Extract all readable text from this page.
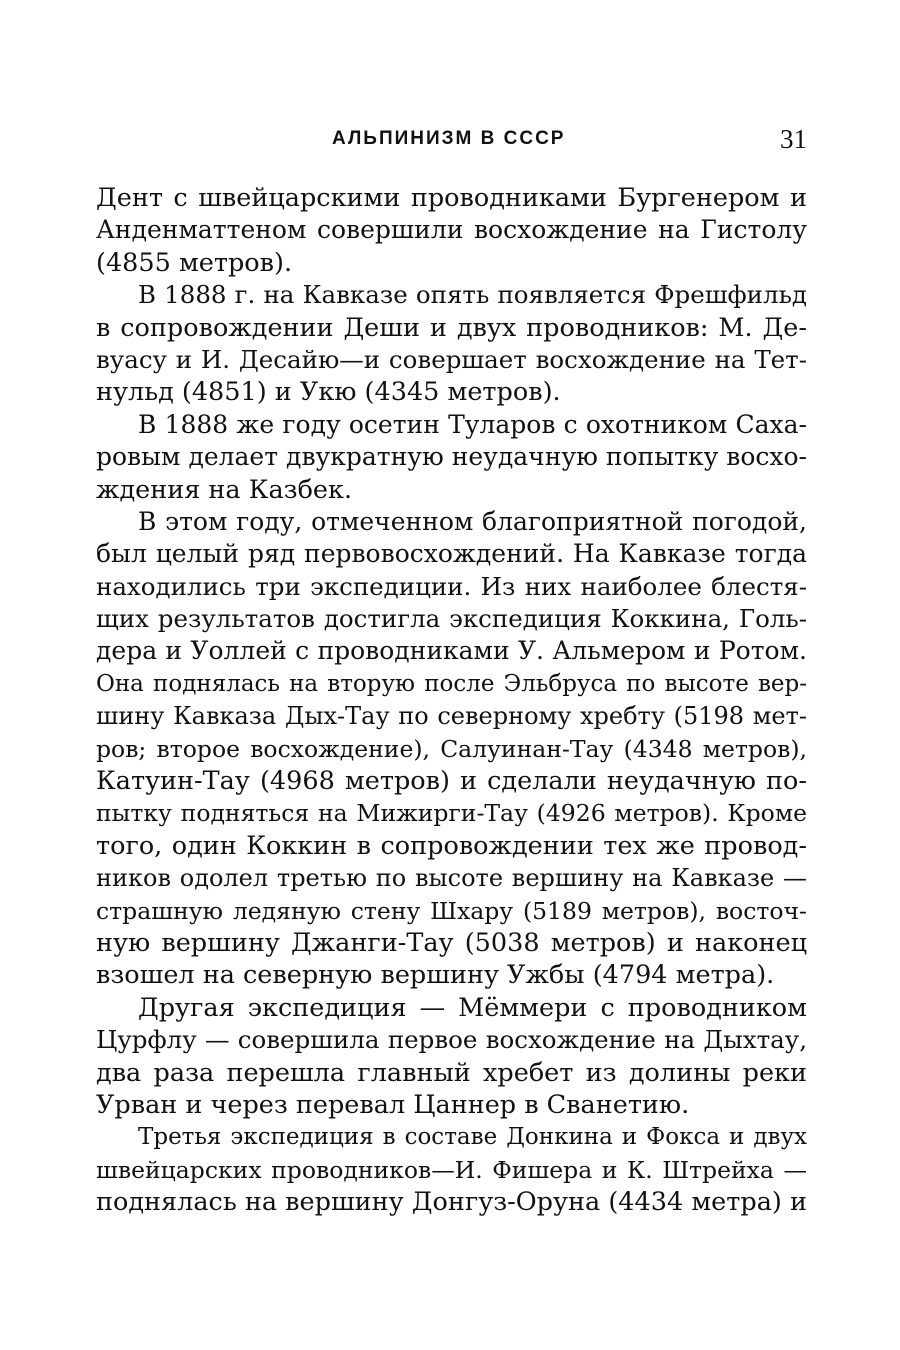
АЛЬПИНИЗМ В СССР	31
Дент с швейцарскими проводниками Бургенером и
Анденматтеном совершили восхождение на Гистолу
(4855 метров).
В 1888 г. на Кавказе опять появляется Фрешфильд
в сопровождении Деши и двух проводников: М. Де-
вуасу и И. Десайю—и совершает восхождение на Тет-
нульд (4851) и Укю (4345 метров).
В 1888 же году осетин Туларов с охотником Саха-
ровым делает двукратную неудачную попытку восхо-
ждения на Казбек.
В этом году, отмеченном благоприятной погодой,
был целый ряд первовосхождений. На Кавказе тогда
находились три экспедиции. Из них наиболее блестя-
щих результатов достигла экспедиция Коккина, Голь-
дера и Уоллей с проводниками У. Альмером и Ротом.
Она поднялась на вторую после Эльбруса по высоте вер-
шину Кавказа Дых-Тау по северному хребту (5198 мет-
ров; второе восхождение), Салуинан-Тау (4348 метров),
Катуин-Тау (4968 метров) и сделали неудачную по-
пытку подняться на Мижирги-Тау (4926 метров). Кроме
того, один Коккин в сопровождении тех же провод-
ников одолел третью по высоте вершину на Кавказе —
страшную ледяную стену Шхару (5189 метров), восточ-
ную вершину Джанги-Тау (5038 метров) и наконец
взошел на северную вершину Ужбы (4794 метра).
Другая экспедиция — Мёммери с проводником
Цурфлу — совершила первое восхождение на Дыхтау,
два раза перешла главный хребет из долины реки
Урван и через перевал Цаннер в Сванетию.
Третья экспедиция в составе Донкина и Фокса и двух
швейцарских проводников—И. Фишера и К. Штрейха —
поднялась на вершину Донгуз-Оруна (4434 метра) и
